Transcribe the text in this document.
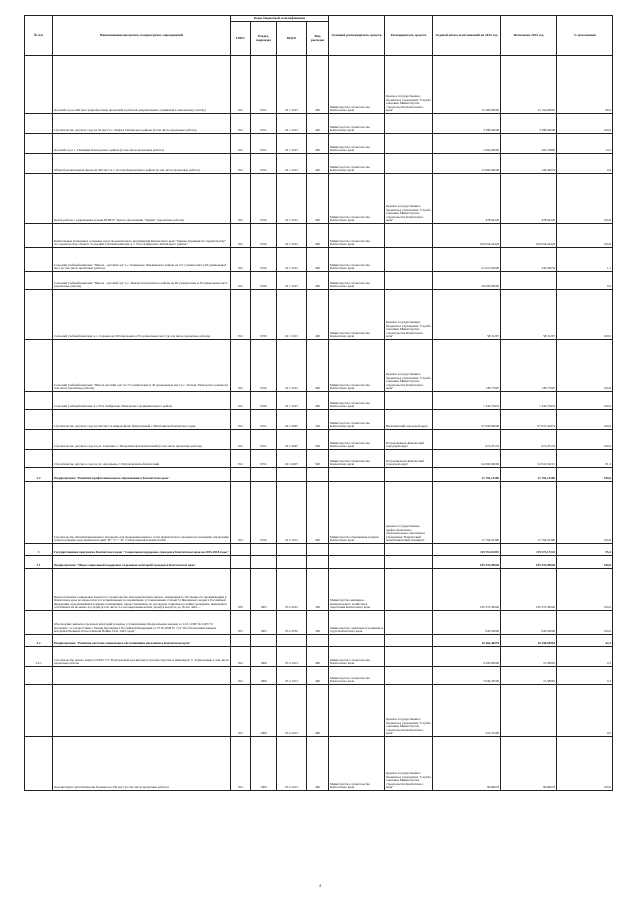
№ п/п	Наименование программ, подпрограмм, мероприятий	Коды бюджетной классификации				Главный распорядитель средств	Распорядитель средств	Годовой объем ассигнований на 2015 год	Исполнено 2015 год	% исполнения
		ГРБС	Раздел, подраздел	КЦСР	Вид расходов					
	Детский сад на 260 мест (приобретение проектной и рабочей документации с привязкой к земельному участку)	812	0701	02 1 1013	400	Министерство строительства Камчатского края	Краевое государственное бюджетное учреждение "Служба заказчика Министерства строительства Камчатского края"	12 200,00000	12 154,09645	99,6
	Строительство детского сада на 50 мест в с. Каврал Тигильского района (в том числе проектные работы)	812	0701	02 1 1013	400	Министерство строительства Камчатского края		3 389,93600	3 389,93600	100,0
	Детский сад в с. Тиличики Олюторского района (в том числе проектные работы)	812	0701	02 1 1013	400	Министерство строительства Камчатского края		1 962,96000	265,72800	13,5
	Общеобразовательная школа на 300 мест в с. Оссора Карагинского района (в том числе проектные работы)	812	0702	02 1 1013	400	Министерство строительства Камчатского края		23 060,00000	128,26619	0,6
	Центр работы с одаренными детьми КГНПУ "Центр образования "Эврика" (проектные работы)	812	0709	02 1 1013	400	Министерство строительства Камчатского края	Краевое государственное бюджетное учреждение "Служба заказчика Министерства строительства Камчатского края"	478,92229	478,92229	100,0
	Капитальные вложения в основные средства камчатского предприятия Камчатского края "Единая дирекция по строительству" по строительству объекта "Сельский учебный комплекс в с. Усть-Хайрюзово Тигильского района"	812	0709	02 1 1013	400	Министерство строительства Камчатского края		100 656,24424	100 656,24424	100,0
	Сельский учебный комплекс "Школа - детский сад" в с. Каменское Пенжинского района на 151 ученических и 60 дошкольных мест (в том числе проектные работы)	812	0709	02 1 1013	400	Министерство строительства Камчатского края		21 621,00000	236,50654	1,1
	Сельский учебный комплекс "Школа - детский сад" в с. Тымлат Карагинского района на 60 ученических и 30 дошкольных мест (проектные работы)	812	0709	02 1 1013	400	Министерство строительства Камчатского края		26 000,00000		0,0
	Сельский учебный комплекс в с. Седанка на 100 школьных и 50 дошкольных мест (в том числе проектные работы)	812	0709	02 1 1013	400	Министерство строительства Камчатского края	Краевое государственное бюджетное учреждение "Служба заказчика Министерства строительства Камчатского края"	58,31297	58,31297	100,0
	Сельский учебный комплекс "Школа-детский сад" на 72 ученических и 40 дошкольных мест в с. Лесная, Тигильского района (в том числе проектные работы)	812	0709	02 1 1013	400	Министерство строительства Камчатского края	Краевое государственное бюджетное учреждение "Служба заказчика Министерства строительства Камчатского края"	138,77997	138,77997	100,0
	Сельский учебный комплекс в с.Усть-Хайрюзово Тигильского муниципального района	812	0709	02 1 1013	400	Министерство строительства Камчатского края		1 343,75976	1 343,75976	100,0
	Строительство детского сада на 220 мест в микрорайоне Центральный г. Вилючинска Камчатского края	812	0701	02 1 4007	500	Министерство строительства Камчатского края	Вилючинский городской округ	97 658,00000	97 637,24474	100,0
	Строительство детского сада по ул. Савченко, г. Петропавловск-Камчатский (в том числе проектные работы)	812	0701	02 1 4007	500	Министерство строительства Камчатского края	Петропавловск-Камчатский городской округ	971,65133	971,65133	100,0
	Строительство детского сада по ул. Арсеньева, г. Петропавловск-Камчатский	812	0701	02 1 4007	500	Министерство строительства Камчатского края	Петропавловск-Камчатский городской округ	64 000,00000	52 019,52215	81,3
2.2	Подпрограмма "Развитие профессионального образования в Камчатском крае"							11 792,22300	11 792,22300	100,0
	Строительство автоматизированного автодрома для проведения первого этапа практического экзамена по вождению управления транспортными средствами категории "В", "С", "D" г. Петропавловск-Камчатский	813	0709	02 2 1013	400	Министерство образования и науки Камчатского края	краевое государственное профессиональное образовательное автономное учреждение "Камчатский политехнический техникум"	11 792,22300	11 792,22300	100,0
3	Государственная программа Камчатского края "Социальная поддержка граждан в Камчатском крае на 2015-2018 годы"							129 762,84119	119 573,17224	95,4
3.1	Подпрограмма "Меры социальной поддержки отдельных категорий граждан в Камчатском крае"							109 319,89040	109 319,89040	100,0
	Предоставление социальных выплат на строительство или приобретение жилого помещения в собственность проживающим в Камчатском крае не менее пяти лет и признанным по нормативам, установленным статьей 51 Жилищного кодекса Российской Федерации, нуждающимися в жилых помещениях, предоставляемых по договорам социального найма гражданам, имеющим в собственности не менее 4-х детей (в том числе 3-х несовершеннолетних детей) в возрасте до 18 лет, либо ...	835	1003	03 2 2012	300	Министерство жилищно-коммунального хозяйства и энергетики Камчатского края		108 376,39040	108 376,39040	100,0
	Обеспечение жильем отдельных категорий граждан, установленных Федеральным законом от 12.01.1995 № 5-ФЗ "О ветеранах", в соответствии с Указом Президента Российской Федерации от 07.05.2008 № 714 "Об обеспечении жильем ветеранов Великой Отечественной Войны 1941-1945 годов"	815	1003	03 2 2052	300	Министерство социального развития и труда Камчатского края		943,50000	943,50000	100,0
3.2	Подпрограмма "Развитие системы социального обслуживания населения в Камчатском крае"							16 464,46079	10 258,04804	62,3
3.2.1	Строительство нового корпуса КГАУ СЗ "Паратунский дом-интернат для престарелых и инвалидов" п. Термальный, в том числе проектные работы	812	1006	03 4 1013	400	Министерство строительства Камчатского края		6 200,00000	15,58065	0,3
		812	1006	03 4 1013	400	Министерство строительства Камчатского края		5 946,29500	15,58065	0,3
		812	1006	03 4 1013	400		Краевое государственное бюджетное учреждение "Служба заказчика Министерства строительства Камчатского края"	253,70500		0,0
	Дом-интернат для психически больных на 250 мест (в том числе проектные работы)	812	1006	03 4 1013	400	Министерство строительства Камчатского края	Краевое государственное бюджетное учреждение "Служба заказчика Министерства строительства Камчатского края"	86,86078	86,86078	100,0
4
